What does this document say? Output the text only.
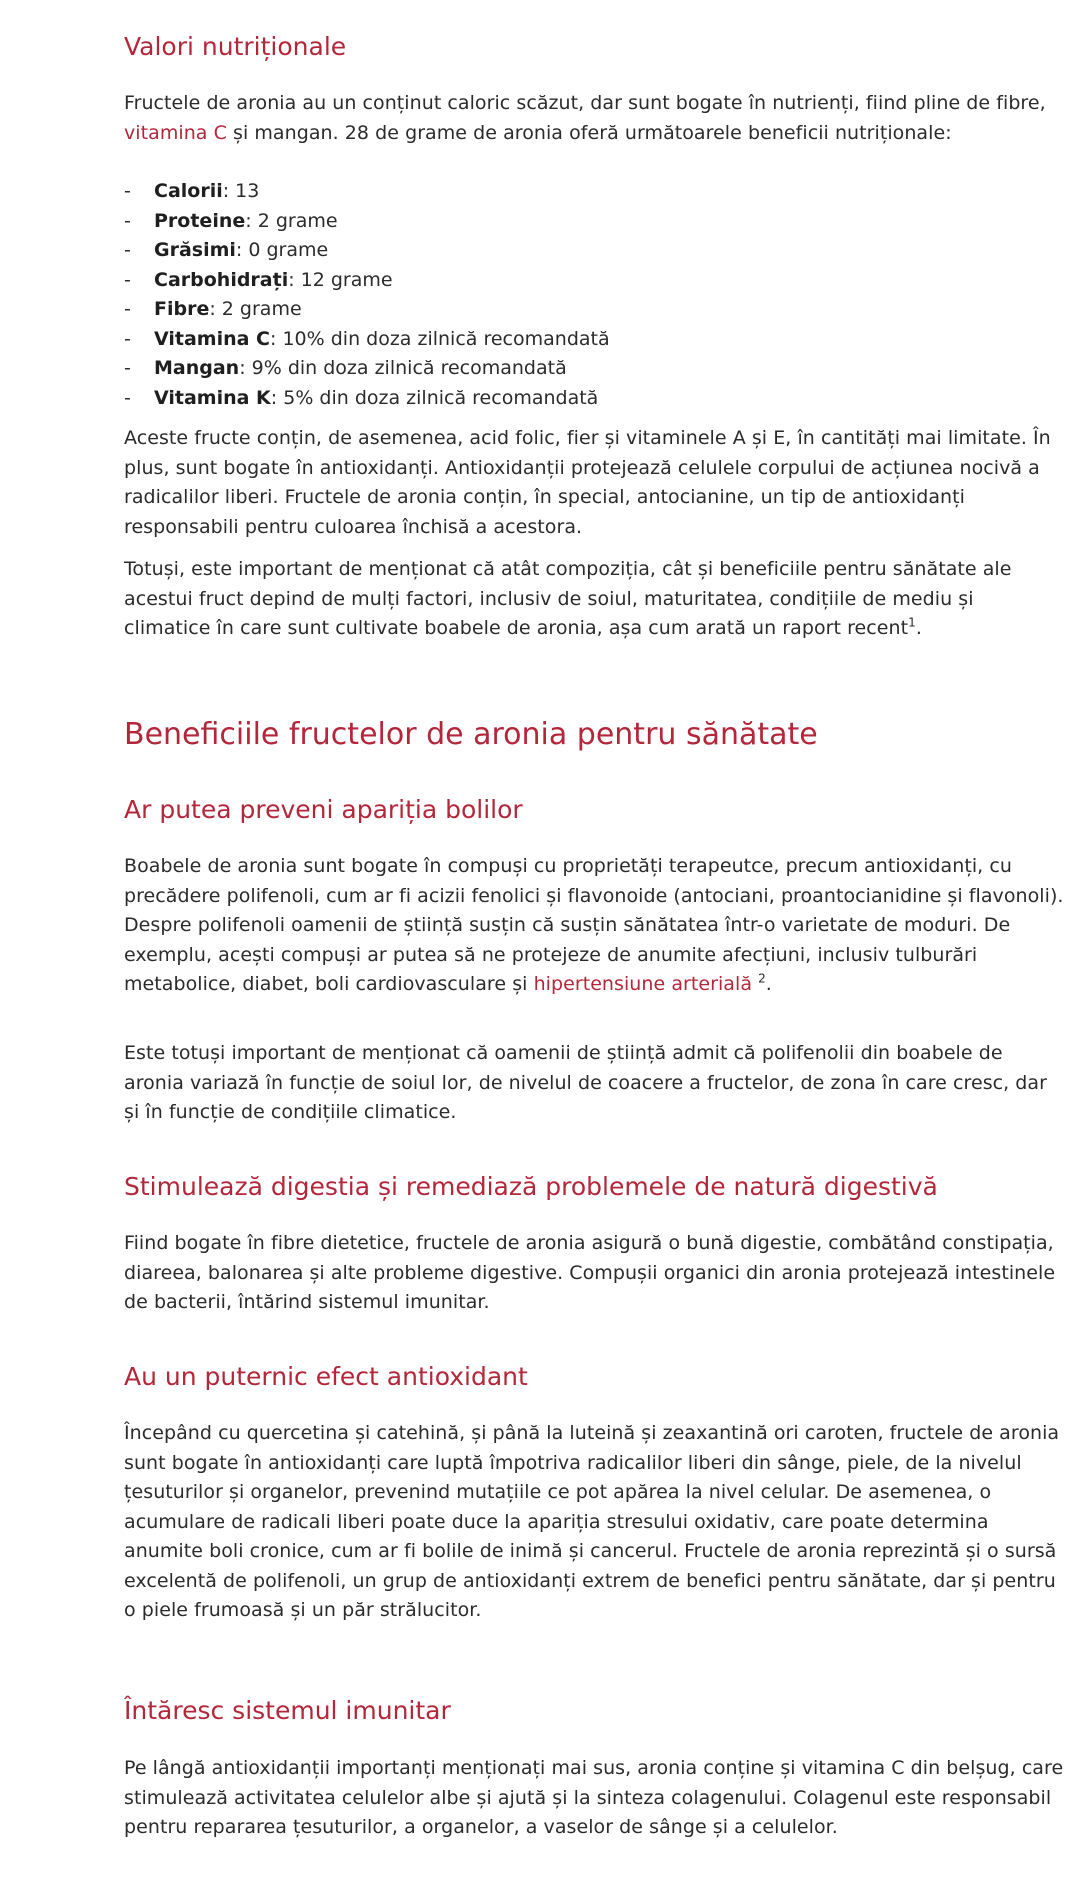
Valori nutriționale

Fructele de aronia au un conținut caloric scăzut, dar sunt bogate în nutrienți, fiind pline de fibre, vitamina C și mangan. 28 de grame de aronia oferă următoarele beneficii nutriționale:

- Calorii: 13
- Proteine: 2 grame
- Grăsimi: 0 grame
- Carbohidrați: 12 grame
- Fibre: 2 grame
- Vitamina C: 10% din doza zilnică recomandată
- Mangan: 9% din doza zilnică recomandată
- Vitamina K: 5% din doza zilnică recomandată

Aceste fructe conțin, de asemenea, acid folic, fier și vitaminele A și E, în cantități mai limitate. În plus, sunt bogate în antioxidanți. Antioxidanții protejează celulele corpului de acțiunea nocivă a radicalilor liberi. Fructele de aronia conțin, în special, antocianine, un tip de antioxidanți responsabili pentru culoarea închisă a acestora.

Totuși, este important de menționat că atât compoziția, cât și beneficiile pentru sănătate ale acestui fruct depind de mulți factori, inclusiv de soiul, maturitatea, condițiile de mediu și climatice în care sunt cultivate boabele de aronia, așa cum arată un raport recent$^1$.

Beneficiile fructelor de aronia pentru sănătate
Ar putea preveni apariția bolilor

Boabele de aronia sunt bogate în compuși cu proprietăți terapeutce, precum antioxidanți, cu precădere polifenoli, cum ar fi acizii fenolici și flavonoide (antociani, proantocianidine și flavonoli). Despre polifenoli oamenii de știință susțin că susțin sănătatea într-o varietate de moduri. De exemplu, acești compuși ar putea să ne protejeze de anumite afecțiuni, inclusiv tulburări metabolice, diabet, boli cardiovasculare și hipertensiune arterială $^2$.

Este totuși important de menționat că oamenii de știință admit că polifenolii din boabele de aronia variază în funcție de soiul lor, de nivelul de coacere a fructelor, de zona în care cresc, dar și în funcție de condițiile climatice.

Stimulează digestia și remediază problemele de natură digestivă

Fiind bogate în fibre dietetice, fructele de aronia asigură o bună digestie, combătând constipația, diareea, balonarea și alte probleme digestive. Compușii organici din aronia protejează intestinele de bacterii, întărind sistemul imunitar.

Au un puternic efect antioxidant

Începând cu quercetina și catehină, și până la luteină și zeaxantină ori caroten, fructele de aronia sunt bogate în antioxidanți care luptă împotriva radicalilor liberi din sânge, piele, de la nivelul țesuturilor și organelor, prevenind mutațiile ce pot apărea la nivel celular. De asemenea, o acumulare de radicali liberi poate duce la apariția stresului oxidativ, care poate determina anumite boli cronice, cum ar fi bolile de inimă și cancerul. Fructele de aronia reprezintă și o sursă excelentă de polifenoli, un grup de antioxidanți extrem de benefici pentru sănătate, dar și pentru o piele frumoasă și un păr strălucitor.

Întăresc sistemul imunitar

Pe lângă antioxidanții importanți menționați mai sus, aronia conține și vitamina C din belșug, care stimulează activitatea celulelor albe și ajută și la sinteza colagenului. Colagenul este responsabil pentru repararea țesuturilor, a organelor, a vaselor de sânge și a celulelor.
